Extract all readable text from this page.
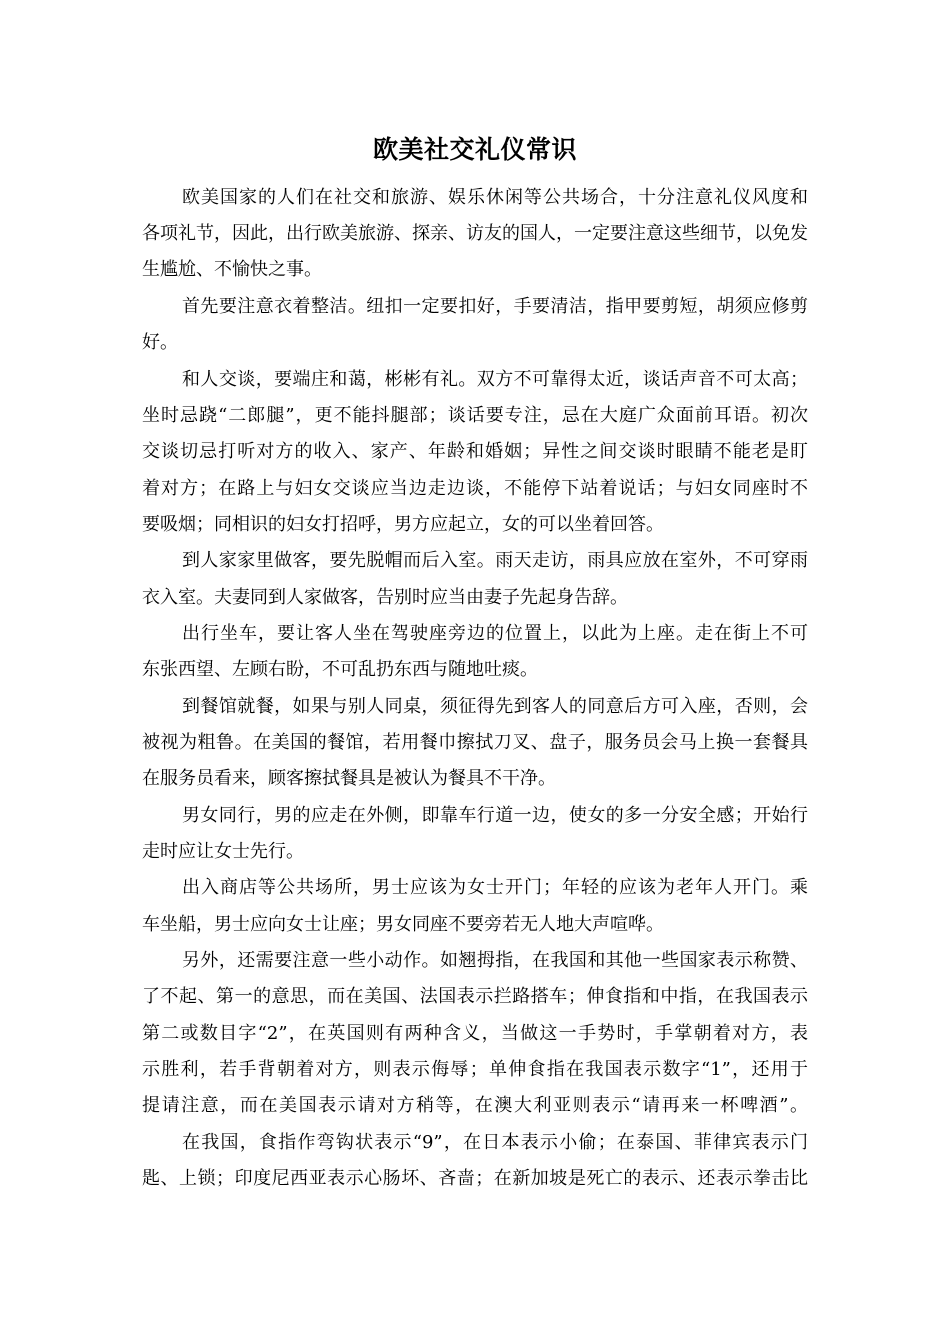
欧美社交礼仪常识
欧美国家的人们在社交和旅游、娱乐休闲等公共场合，十分注意礼仪风度和
各项礼节，因此，出行欧美旅游、探亲、访友的国人，一定要注意这些细节，以免发
生尴尬、不愉快之事。
首先要注意衣着整洁。纽扣一定要扣好，手要清洁，指甲要剪短，胡须应修剪
好。
和人交谈，要端庄和蔼，彬彬有礼。双方不可靠得太近，谈话声音不可太高；
坐时忌跷“二郎腿”，更不能抖腿部；谈话要专注，忌在大庭广众面前耳语。初次
交谈切忌打听对方的收入、家产、年龄和婚姻；异性之间交谈时眼睛不能老是盯
着对方；在路上与妇女交谈应当边走边谈，不能停下站着说话；与妇女同座时不
要吸烟；同相识的妇女打招呼，男方应起立，女的可以坐着回答。
到人家家里做客，要先脱帽而后入室。雨天走访，雨具应放在室外，不可穿雨
衣入室。夫妻同到人家做客，告别时应当由妻子先起身告辞。
出行坐车，要让客人坐在驾驶座旁边的位置上，以此为上座。走在街上不可
东张西望、左顾右盼，不可乱扔东西与随地吐痰。
到餐馆就餐，如果与别人同桌，须征得先到客人的同意后方可入座，否则，会
被视为粗鲁。在美国的餐馆，若用餐巾擦拭刀叉、盘子，服务员会马上换一套餐具
在服务员看来，顾客擦拭餐具是被认为餐具不干净。
男女同行，男的应走在外侧，即靠车行道一边，使女的多一分安全感；开始行
走时应让女士先行。
出入商店等公共场所，男士应该为女士开门；年轻的应该为老年人开门。乘
车坐船，男士应向女士让座；男女同座不要旁若无人地大声喧哗。
另外，还需要注意一些小动作。如翘拇指，在我国和其他一些国家表示称赞、
了不起、第一的意思，而在美国、法国表示拦路搭车；伸食指和中指，在我国表示
第二或数目字“2”，在英国则有两种含义，当做这一手势时，手掌朝着对方，表
示胜利，若手背朝着对方，则表示侮辱；单伸食指在我国表示数字“1”，还用于
提请注意，而在美国表示请对方稍等，在澳大利亚则表示“请再来一杯啤酒”。
在我国，食指作弯钩状表示“9”，在日本表示小偷；在泰国、菲律宾表示门
匙、上锁；印度尼西亚表示心肠坏、吝啬；在新加坡是死亡的表示、还表示拳击比
